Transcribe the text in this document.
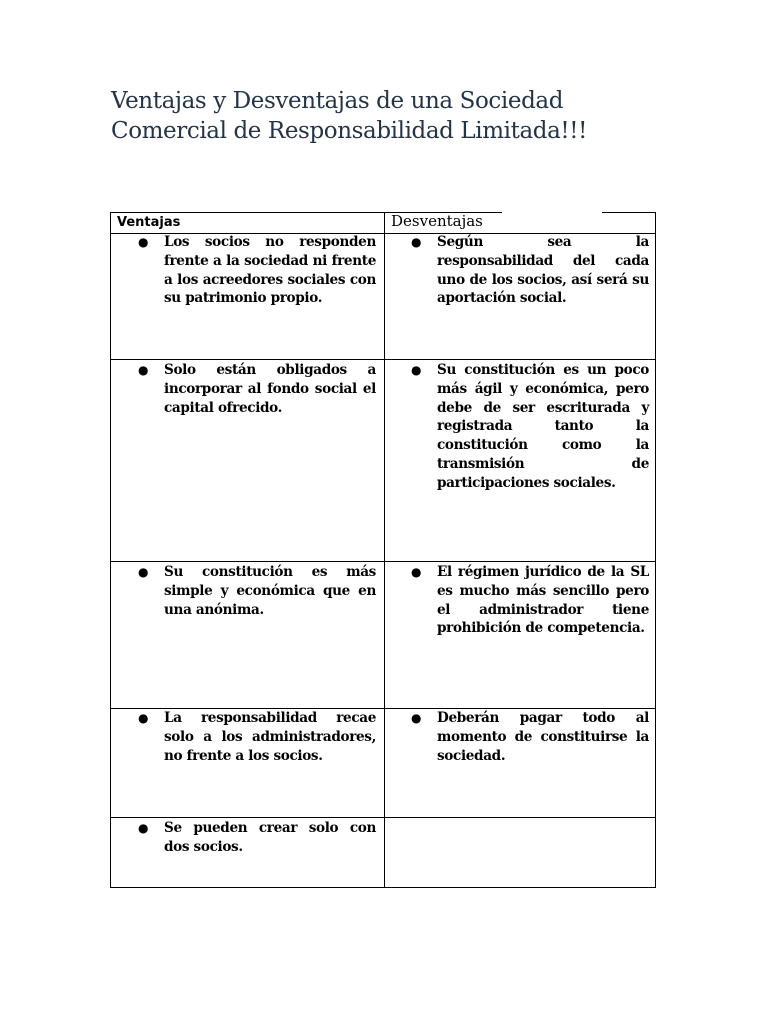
Ventajas y Desventajas de una Sociedad Comercial de Responsabilidad Limitada!!!
Ventajas	Desventajas
● Los socios no responden frente a la sociedad ni frente a los acreedores sociales con su patrimonio propio.

● Según sea la responsabilidad del cada uno de los socios, así será su aportación social.

● Solo están obligados a incorporar al fondo social el capital ofrecido.

● Su constitución es un poco más ágil y económica, pero debe de ser escriturada y registrada tanto la constitución como la transmisión de participaciones sociales.

● Su constitución es más simple y económica que en una anónima.

● El régimen jurídico de la SL es mucho más sencillo pero el administrador tiene prohibición de competencia.

● La responsabilidad recae solo a los administradores, no frente a los socios.

● Deberán pagar todo al momento de constituirse la sociedad.

● Se pueden crear solo con dos socios.
